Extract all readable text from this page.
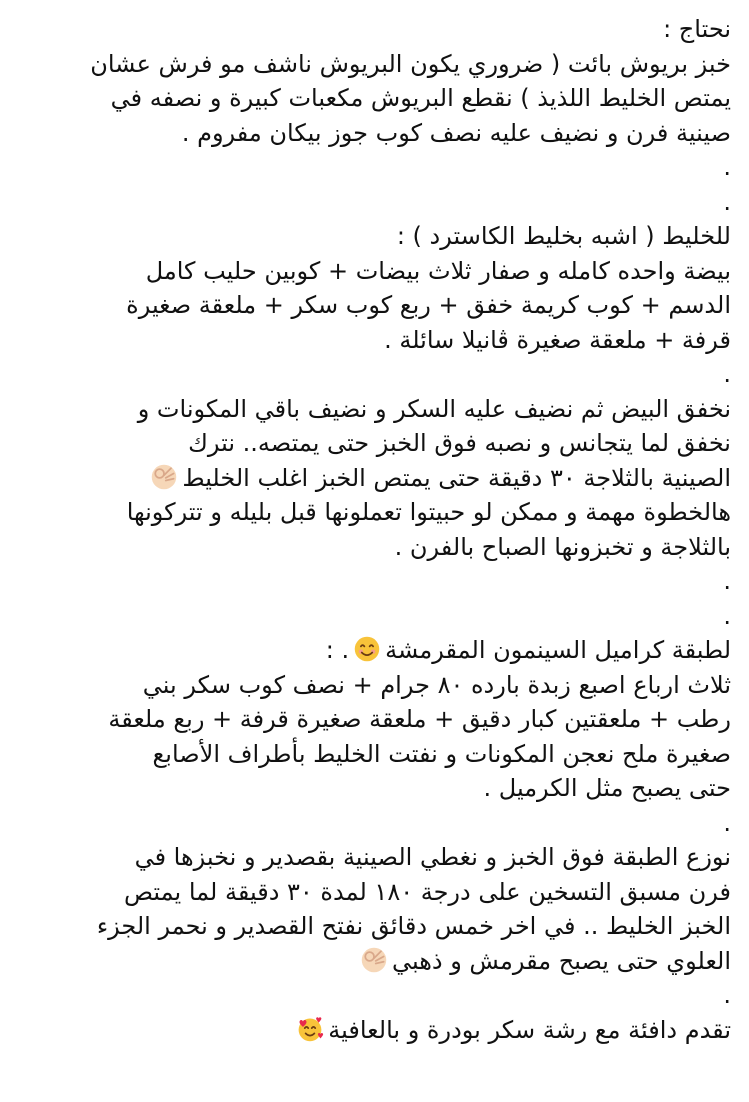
نحتاج :
خبز بريوش بائت ( ضروري يكون البريوش ناشف مو فرش عشان
يمتص الخليط اللذيذ ) نقطع البريوش مكعبات كبيرة و نصفه في
صينية فرن و نضيف عليه نصف كوب جوز بيكان مفروم .
.
.
للخليط ( اشبه بخليط الكاسترد ) :
بيضة واحده كامله و صفار ثلاث بيضات + كوبين حليب كامل
الدسم + كوب كريمة خفق + ربع كوب سكر + ملعقة صغيرة
قرفة + ملعقة صغيرة ڤانيلا سائلة .
.
نخفق البيض ثم نضيف عليه السكر و نضيف باقي المكونات و
نخفق لما يتجانس و نصبه فوق الخبز حتى يمتصه.. نترك
الصينية بالثلاجة ٣٠ دقيقة حتى يمتص الخبز اغلب الخليط
هالخطوة مهمة و ممكن لو حبيتوا تعملونها قبل بليله و تتركونها
بالثلاجة و تخبزونها الصباح بالفرن .
.
.
لطبقة كراميل السينمون المقرمشة. :
ثلاث ارباع اصبع زبدة بارده ٨٠ جرام + نصف كوب سكر بني
رطب + ملعقتين كبار دقيق + ملعقة صغيرة قرفة + ربع ملعقة
صغيرة ملح نعجن المكونات و نفتت الخليط بأطراف الأصابع
حتى يصبح مثل الكرميل .
.
نوزع الطبقة فوق الخبز و نغطي الصينية بقصدير و نخبزها في
فرن مسبق التسخين على درجة ١٨٠ لمدة ٣٠ دقيقة لما يمتص
الخبز الخليط .. في اخر خمس دقائق نفتح القصدير و نحمر الجزء
العلوي حتى يصبح مقرمش و ذهبي
.
تقدم دافئة مع رشة سكر بودرة و بالعافية
